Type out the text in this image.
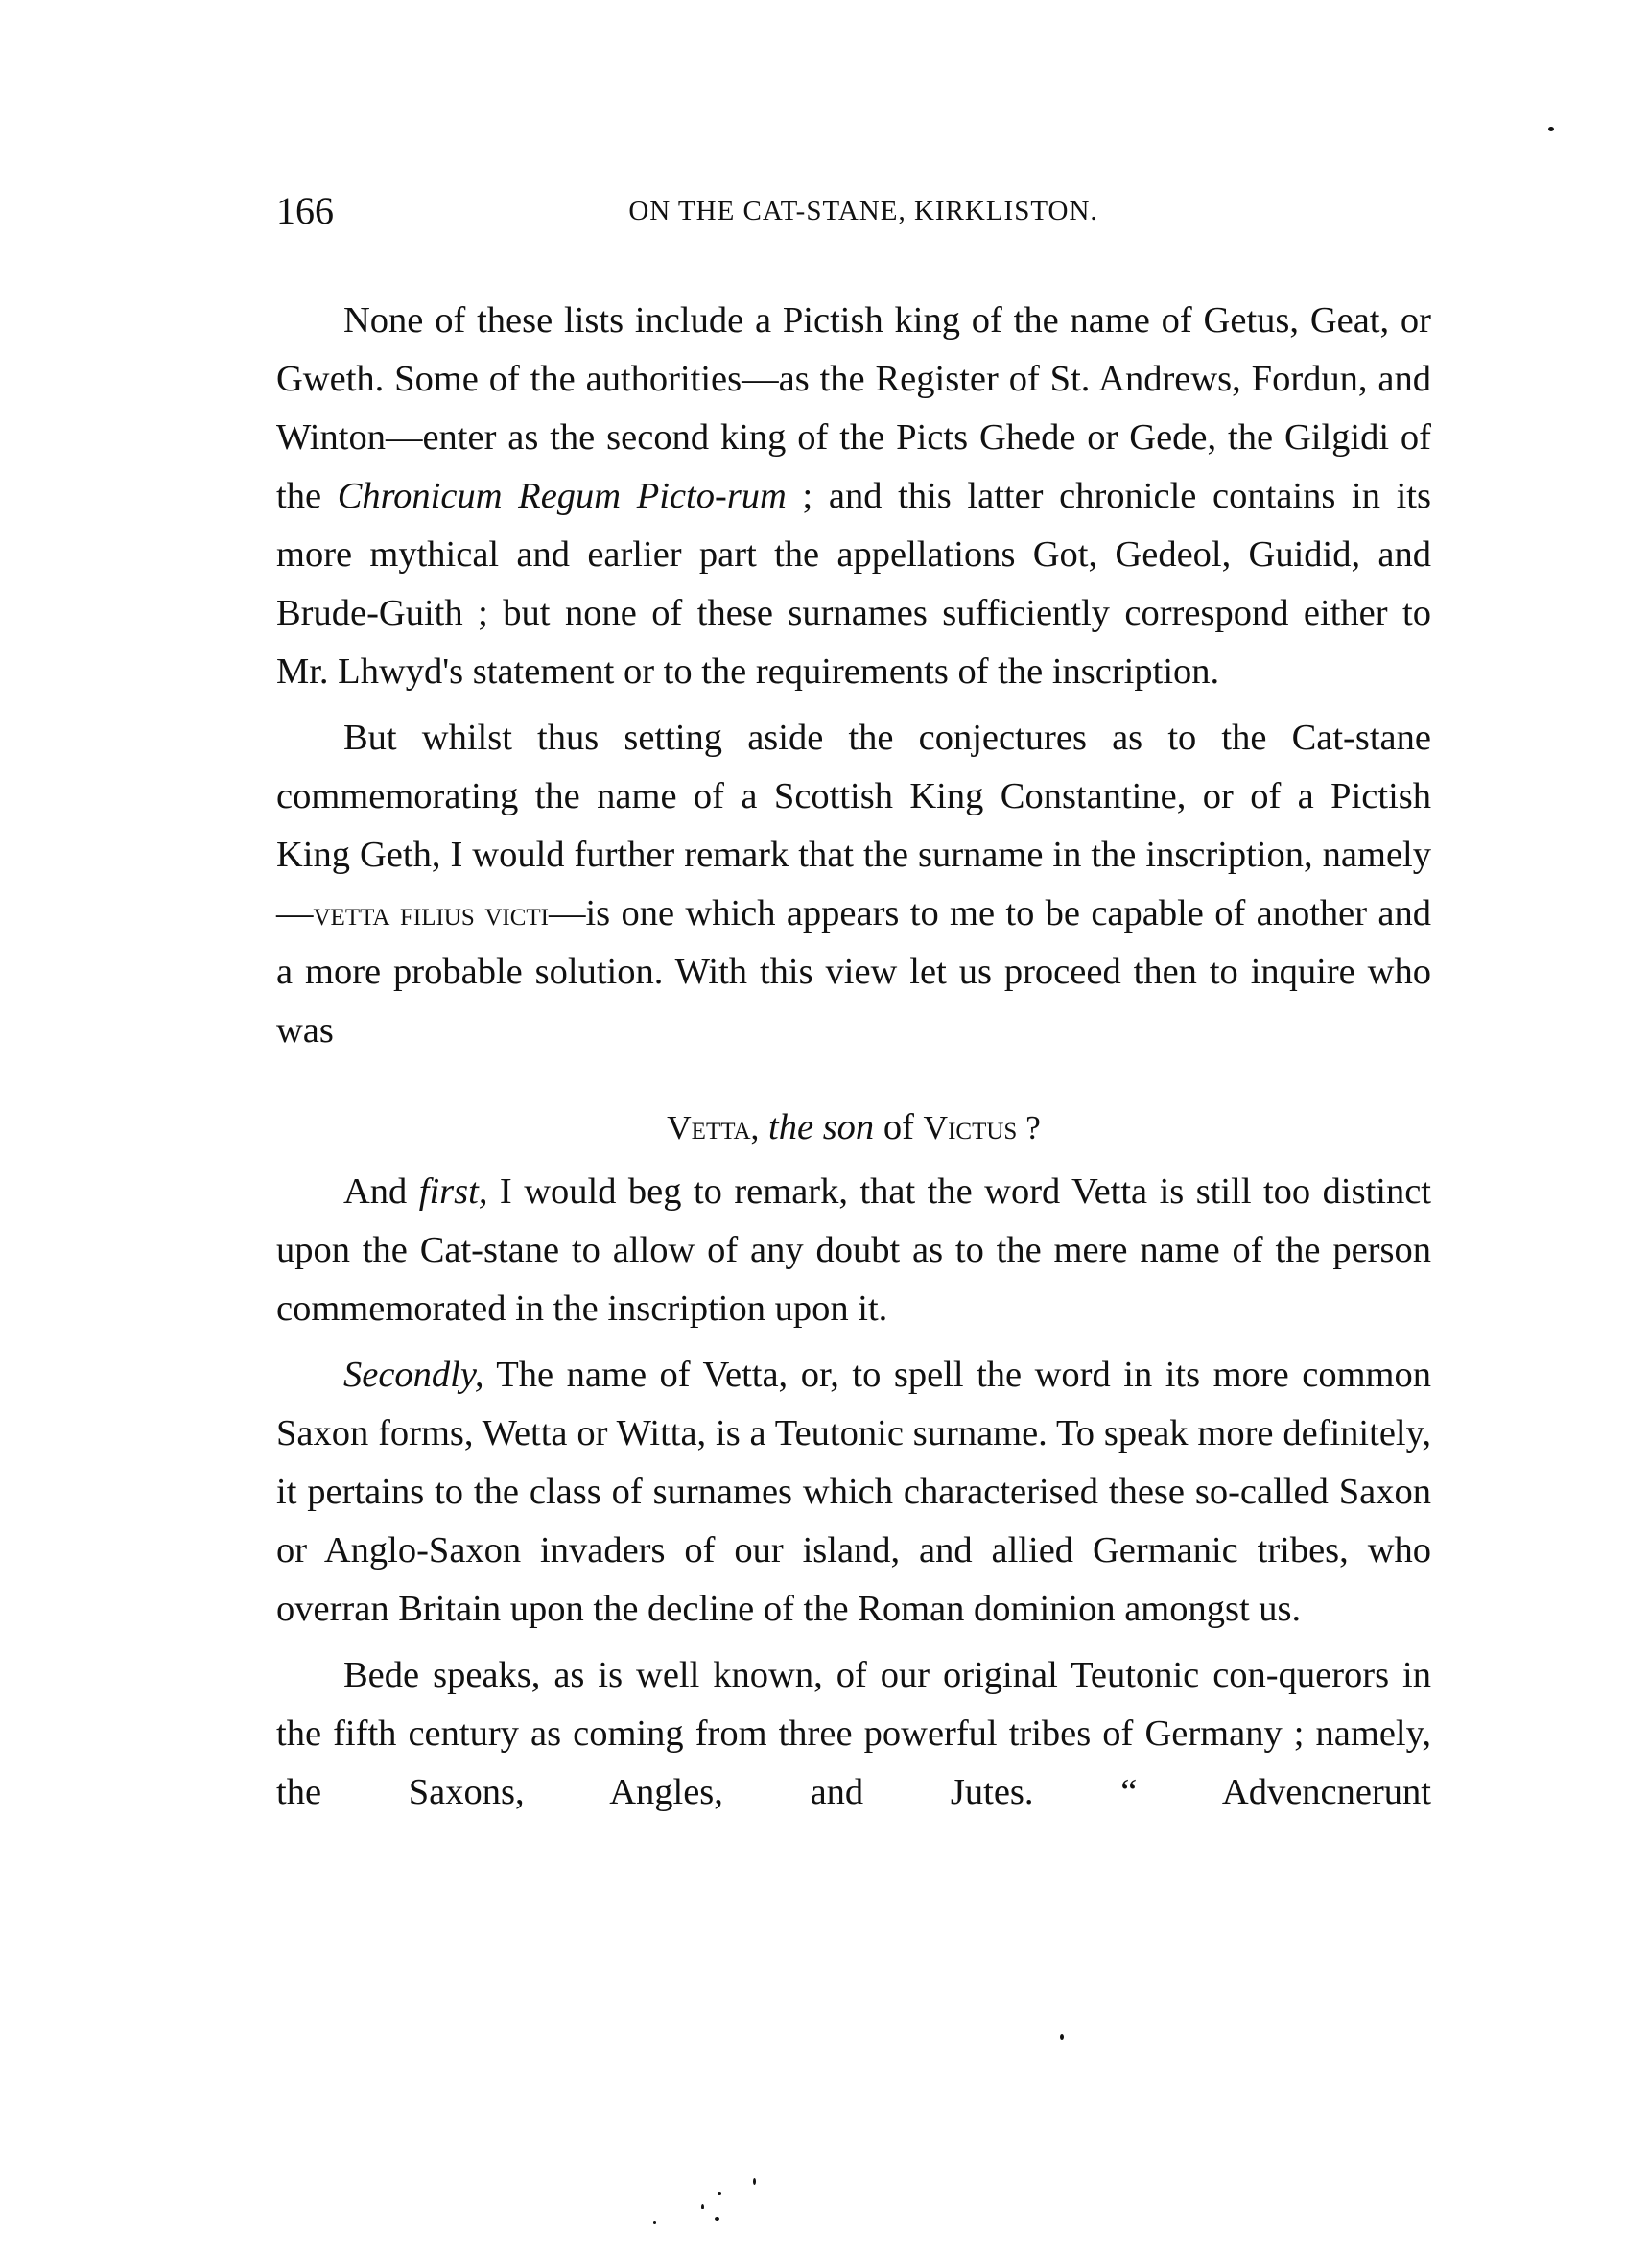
166	ON THE CAT-STANE, KIRKLISTON.

None of these lists include a Pictish king of the name of Getus, Geat, or Gweth. Some of the authorities—as the Register of St. Andrews, Fordun, and Winton—enter as the second king of the Picts Ghede or Gede, the Gilgidi of the Chronicum Regum Picto-rum ; and this latter chronicle contains in its more mythical and earlier part the appellations Got, Gedeol, Guidid, and Brude-Guith ; but none of these surnames sufficiently correspond either to Mr. Lhwyd's statement or to the requirements of the inscription.

But whilst thus setting aside the conjectures as to the Cat-stane commemorating the name of a Scottish King Constantine, or of a Pictish King Geth, I would further remark that the surname in the inscription, namely—vetta filius victi—is one which appears to me to be capable of another and a more probable solution. With this view let us proceed then to inquire who was

Vetta, the son of Victus ?

And first, I would beg to remark, that the word Vetta is still too distinct upon the Cat-stane to allow of any doubt as to the mere name of the person commemorated in the inscription upon it.

Secondly, The name of Vetta, or, to spell the word in its more common Saxon forms, Wetta or Witta, is a Teutonic surname. To speak more definitely, it pertains to the class of surnames which characterised these so-called Saxon or Anglo-Saxon invaders of our island, and allied Germanic tribes, who overran Britain upon the decline of the Roman dominion amongst us.

Bede speaks, as is well known, of our original Teutonic con-querors in the fifth century as coming from three powerful tribes of Germany ; namely, the Saxons, Angles, and Jutes. “ Advencnerunt
